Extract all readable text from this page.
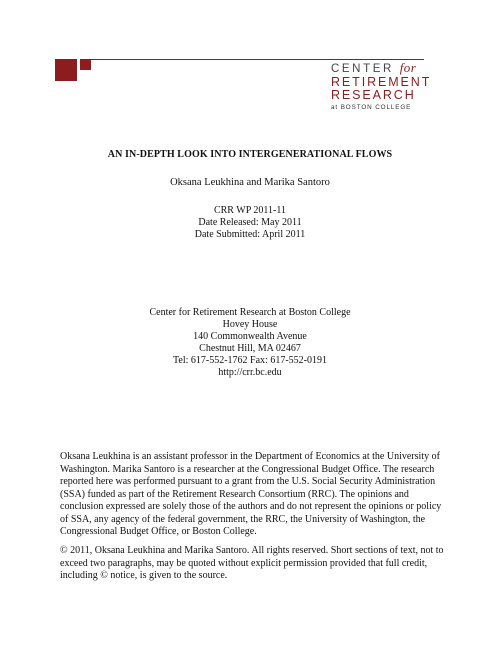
CENTER for
RETIREMENT
RESEARCH
at BOSTON COLLEGE
AN IN-DEPTH LOOK INTO INTERGENERATIONAL FLOWS
Oksana Leukhina and Marika Santoro
CRR WP 2011-11
Date Released: May 2011
Date Submitted: April 2011
Center for Retirement Research at Boston College
Hovey House
140 Commonwealth Avenue
Chestnut Hill, MA 02467
Tel: 617-552-1762 Fax: 617-552-0191
http://crr.bc.edu
Oksana Leukhina is an assistant professor in the Department of Economics at the University of Washington. Marika Santoro is a researcher at the Congressional Budget Office. The research reported here was performed pursuant to a grant from the U.S. Social Security Administration (SSA) funded as part of the Retirement Research Consortium (RRC). The opinions and conclusion expressed are solely those of the authors and do not represent the opinions or policy of SSA, any agency of the federal government, the RRC, the University of Washington, the Congressional Budget Office, or Boston College.
© 2011, Oksana Leukhina and Marika Santoro. All rights reserved. Short sections of text, not to exceed two paragraphs, may be quoted without explicit permission provided that full credit, including © notice, is given to the source.
